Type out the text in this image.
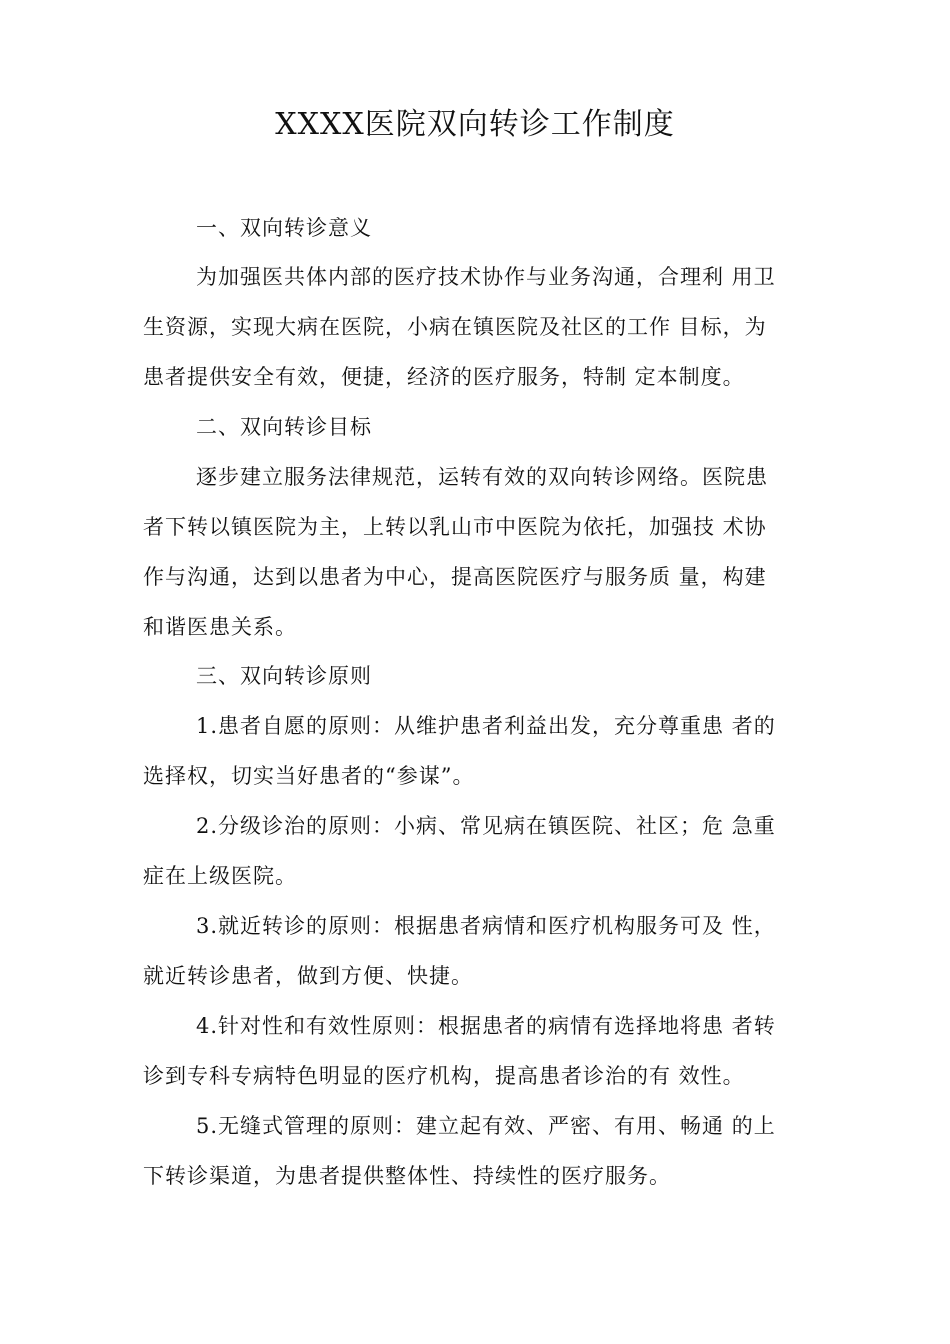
XXXX医院双向转诊工作制度
一、双向转诊意义
为加强医共体内部的医疗技术协作与业务沟通，合理利 用卫
生资源，实现大病在医院，小病在镇医院及社区的工作 目标，为
患者提供安全有效，便捷，经济的医疗服务，特制 定本制度。
二、双向转诊目标
逐步建立服务法律规范，运转有效的双向转诊网络。医院患
者下转以镇医院为主，上转以乳山市中医院为依托，加强技 术协
作与沟通，达到以患者为中心，提高医院医疗与服务质 量，构建
和谐医患关系。
三、双向转诊原则
1.患者自愿的原则：从维护患者利益出发，充分尊重患 者的
选择权，切实当好患者的“参谋”。
2.分级诊治的原则：小病、常见病在镇医院、社区；危 急重
症在上级医院。
3.就近转诊的原则：根据患者病情和医疗机构服务可及 性，
就近转诊患者，做到方便、快捷。
4.针对性和有效性原则：根据患者的病情有选择地将患 者转
诊到专科专病特色明显的医疗机构，提高患者诊治的有 效性。
5.无缝式管理的原则：建立起有效、严密、有用、畅通 的上
下转诊渠道，为患者提供整体性、持续性的医疗服务。
